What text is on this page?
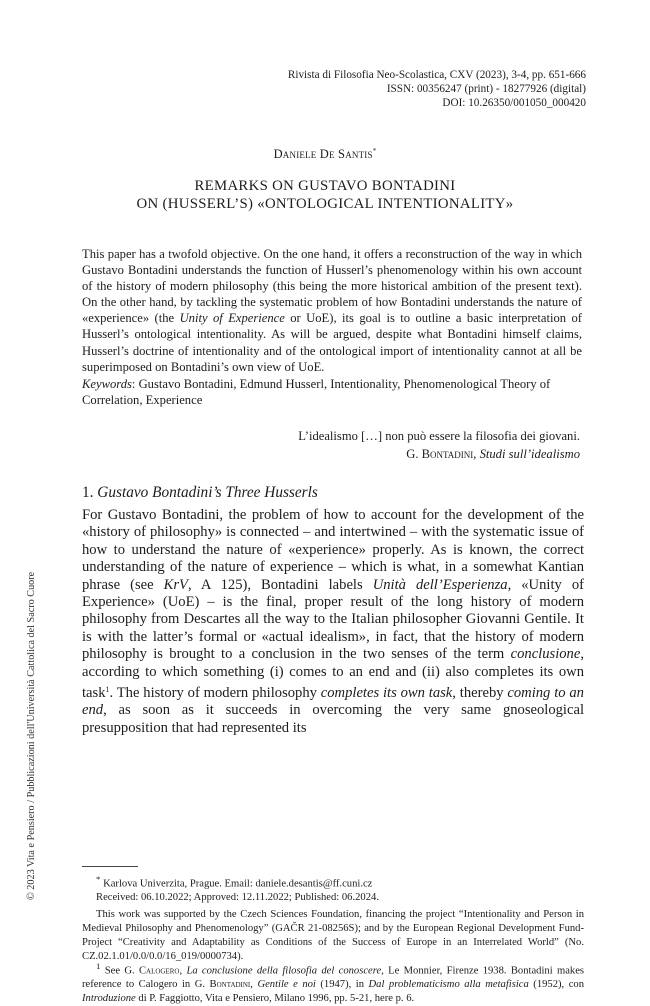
© 2023 Vita e Pensiero / Pubblicazioni dell'Università Cattolica del Sacro Cuore
Rivista di Filosofia Neo-Scolastica, CXV (2023), 3-4, pp. 651-666
ISSN: 00356247 (print) - 18277926 (digital)
DOI: 10.26350/001050_000420
Daniele De Santis*
REMARKS ON GUSTAVO BONTADINI
ON (HUSSERL’S) «ONTOLOGICAL INTENTIONALITY»

This paper has a twofold objective. On the one hand, it offers a reconstruction of the way in which Gustavo Bontadini understands the function of Husserl’s phenomenology within his own account of the history of modern philosophy (this being the more historical ambition of the present text). On the other hand, by tackling the systematic problem of how Bontadini understands the nature of «experience» (the Unity of Experience or UoE), its goal is to outline a basic interpretation of Husserl’s ontological intentionality. As will be argued, despite what Bontadini himself claims, Husserl’s doctrine of intentionality and of the ontological import of intentionality cannot at all be superimposed on Bontadini’s own view of UoE.

Keywords: Gustavo Bontadini, Edmund Husserl, Intentionality, Phenomenological Theory of Correlation, Experience

L’idealismo […] non può essere la filosofia dei giovani.
G. Bontadini, Studi sull’idealismo
1. Gustavo Bontadini’s Three Husserls

For Gustavo Bontadini, the problem of how to account for the development of the «history of philosophy» is connected – and intertwined – with the systematic issue of how to understand the nature of «experience» properly. As is known, the correct understanding of the nature of experience – which is what, in a somewhat Kantian phrase (see KrV, A 125), Bontadini labels Unità dell’Esperienza, «Unity of Experience» (UoE) – is the final, proper result of the long history of modern philosophy from Descartes all the way to the Italian philosopher Giovanni Gentile. It is with the latter’s formal or «actual idealism», in fact, that the history of modern philosophy is brought to a conclusion in the two senses of the term conclusione, according to which something (i) comes to an end and (ii) also completes its own task$^1$. The history of modern philosophy completes its own task, thereby coming to an end, as soon as it succeeds in overcoming the very same gnoseological presupposition that had represented its

* Karlova Univerzita, Prague. Email: daniele.desantis@ff.cuni.cz
Received: 06.10.2022; Approved: 12.11.2022; Published: 06.2024.

This work was supported by the Czech Sciences Foundation, financing the project “Intentionality and Person in Medieval Philosophy and Phenomenology” (GAČR 21-08256S); and by the European Regional Development Fund-Project “Creativity and Adaptability as Conditions of the Success of Europe in an Interrelated World” (No. CZ.02.1.01/0.0/0.0/16_019/0000734).

$^1$ See G. Calogero, La conclusione della filosofia del conoscere, Le Monnier, Firenze 1938. Bontadini makes reference to Calogero in G. Bontadini, Gentile e noi (1947), in Dal problematicismo alla metafisica (1952), con Introduzione di P. Faggiotto, Vita e Pensiero, Milano 1996, pp. 5-21, here p. 6.
